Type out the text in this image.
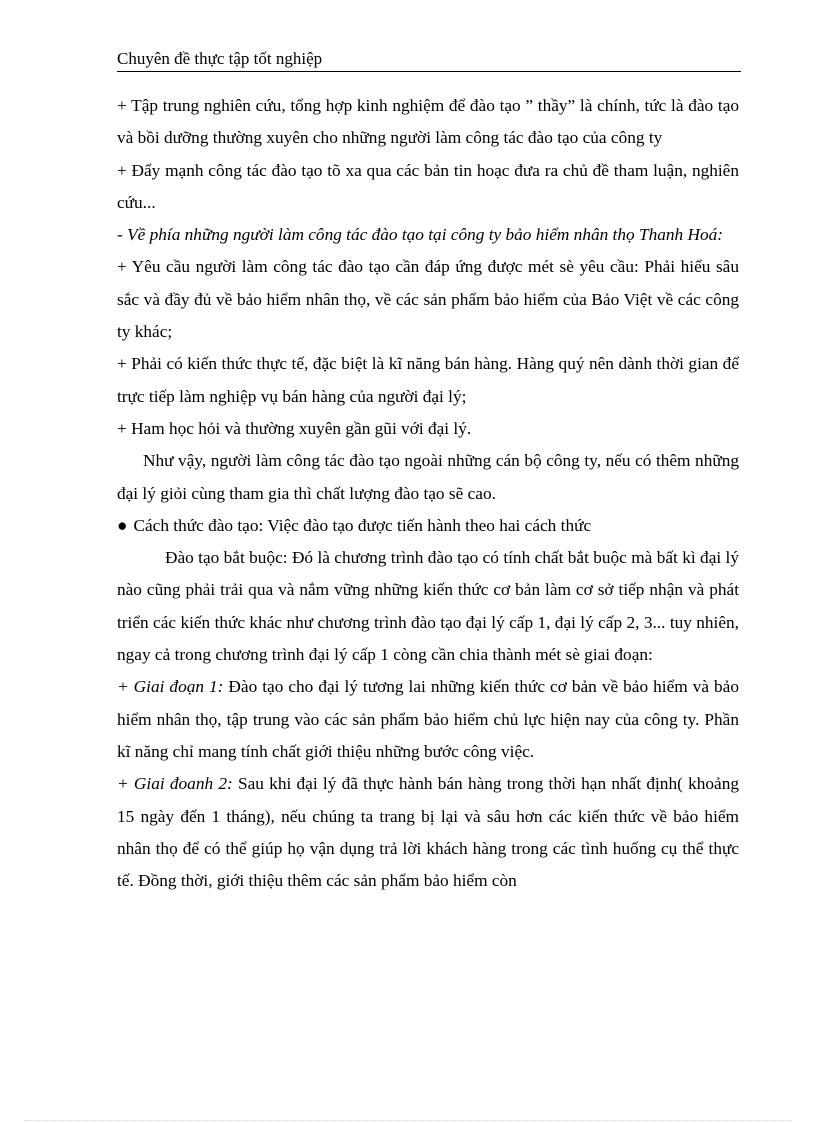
Chuyên đề thực tập tốt nghiệp

+ Tập trung nghiên cứu, tổng hợp kinh nghiệm để đào tạo ” thầy” là chính, tức là đào tạo và bồi dưỡng thường xuyên cho những người làm công tác đào tạo của công ty

+ Đẩy mạnh công tác đào tạo tõ xa qua các bản tin hoạc đưa ra chủ đề tham luận, nghiên cứu...

- Về phía những người làm công tác đào tạo tại công ty bảo hiểm nhân thọ Thanh Hoá:

+ Yêu cầu người làm công tác đào tạo cần đáp ứng được mét sè yêu cầu: Phải hiểu sâu sắc và đầy đủ về bảo hiểm nhân thọ, về các sản phẩm bảo hiểm của Bảo Việt về các công ty khác;

+ Phải có kiến thức thực tế, đặc biệt là kĩ năng bán hàng. Hàng quý nên dành thời gian để trực tiếp làm nghiệp vụ bán hàng của người đại lý;

+ Ham học hỏi và thường xuyên gần gũi với đại lý.

Như vậy, người làm công tác đào tạo ngoài những cán bộ công ty, nếu có thêm những đại lý giỏi cùng tham gia thì chất lượng đào tạo sẽ cao.

● Cách thức đào tạo: Việc đào tạo được tiến hành theo hai cách thức

Đào tạo bắt buộc: Đó là chương trình đào tạo có tính chất bắt buộc mà bất kì đại lý nào cũng phải trải qua và nắm vững những kiến thức cơ bản làm cơ sở tiếp nhận và phát triển các kiến thức khác như chương trình đào tạo đại lý cấp 1, đại lý cấp 2, 3... tuy nhiên, ngay cả trong chương trình đại lý cấp 1 còng cần chia thành mét sè giai đoạn:

+ Giai đoạn 1: Đào tạo cho đại lý tương lai những kiến thức cơ bản về bảo hiểm và bảo hiểm nhân thọ, tập trung vào các sản phẩm bảo hiểm chủ lực hiện nay của công ty. Phần kĩ năng chỉ mang tính chất giới thiệu những bước công việc.

+ Giai đoanh 2: Sau khi đại lý đã thực hành bán hàng trong thời hạn nhất định( khoảng 15 ngày đến 1 tháng), nếu chúng ta trang bị lại và sâu hơn các kiến thức về bảo hiểm nhân thọ để có thể giúp họ vận dụng trả lời khách hàng trong các tình huống cụ thể thực tế. Đồng thời, giới thiệu thêm các sản phẩm bảo hiểm còn
